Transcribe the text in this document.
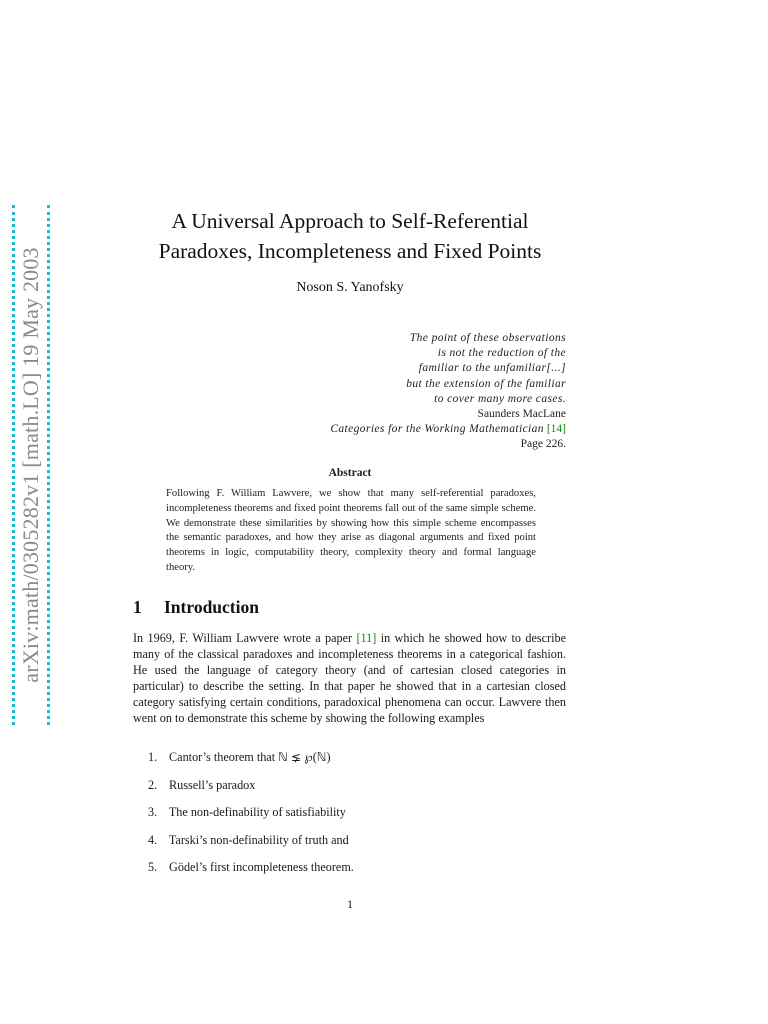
arXiv:math/0305282v1 [math.LO] 19 May 2003
A Universal Approach to Self-Referential
Paradoxes, Incompleteness and Fixed Points
Noson S. Yanofsky
The point of these observations
is not the reduction of the
familiar to the unfamiliar[...]
but the extension of the familiar
to cover many more cases.
Saunders MacLane
Categories for the Working Mathematician [14]
Page 226.
Abstract
Following F. William Lawvere, we show that many self-referential paradoxes, incompleteness theorems and fixed point theorems fall out of the same simple scheme. We demonstrate these similarities by showing how this simple scheme encompasses the semantic paradoxes, and how they arise as diagonal arguments and fixed point theorems in logic, computability theory, complexity theory and formal language theory.
1 Introduction
In 1969, F. William Lawvere wrote a paper [11] in which he showed how to describe many of the classical paradoxes and incompleteness theorems in a categorical fashion. He used the language of category theory (and of cartesian closed categories in particular) to describe the setting. In that paper he showed that in a cartesian closed category satisfying certain conditions, paradoxical phenomena can occur. Lawvere then went on to demonstrate this scheme by showing the following examples
1. Cantor’s theorem that ℕ ⪇ ℘(ℕ)
2. Russell’s paradox
3. The non-definability of satisfiability
4. Tarski’s non-definability of truth and
5. Gödel’s first incompleteness theorem.
1
